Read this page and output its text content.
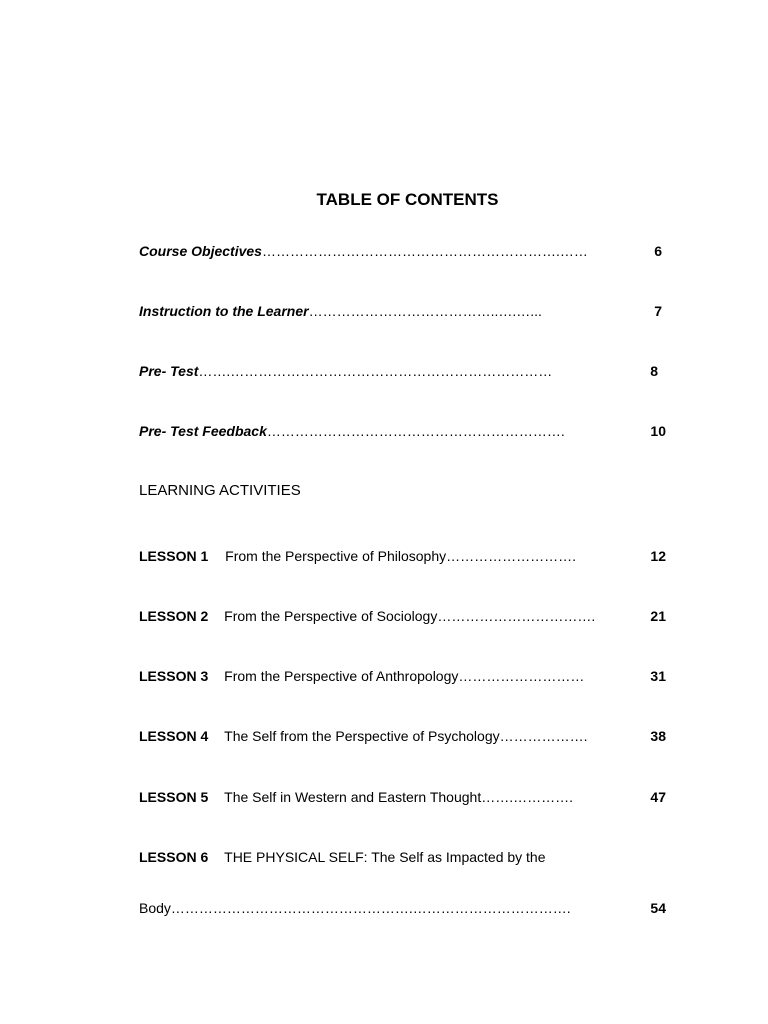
TABLE OF CONTENTS
Course Objectives……………………………………………………….……	6
Instruction to the Learner…………………………………..….…...	7
Pre- Test…….……………………………………………………………	8
Pre- Test Feedback……………………………………………………….	10
LEARNING ACTIVITIES
LESSON 1 From the Perspective of Philosophy……………………….	12
LESSON 2 From the Perspective of Sociology…………………………….	21
LESSON 3 From the Perspective of Anthropology………………………	31
LESSON 4 The Self from the Perspective of Psychology……………….	38
LESSON 5 The Self in Western and Eastern Thought…….………….	47
LESSON 6 THE PHYSICAL SELF: The Self as Impacted by the
Body…………………………………………….…………………………….	54
